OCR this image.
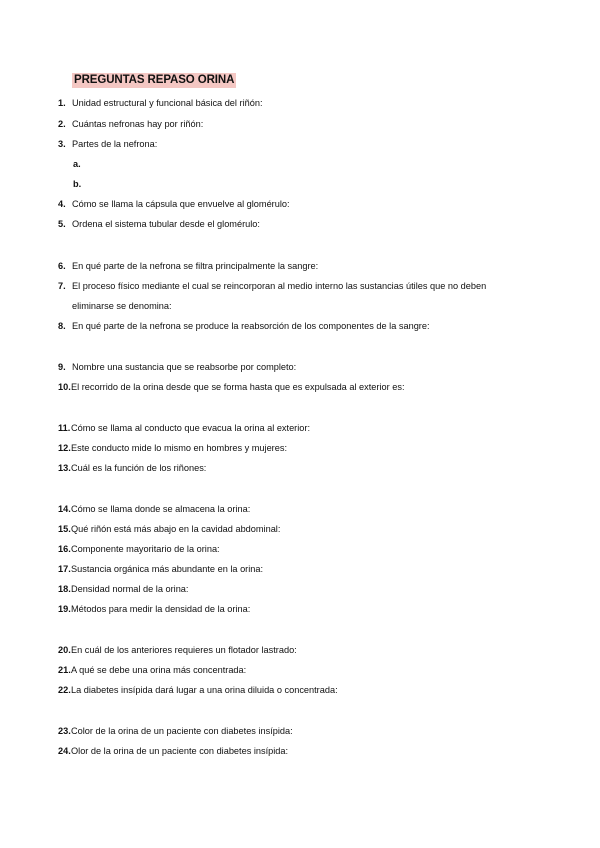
PREGUNTAS REPASO ORINA
1. Unidad estructural y funcional básica del riñón:
2. Cuántas nefronas hay por riñón:
3. Partes de la nefrona:
a.
b.
4. Cómo se llama la cápsula que envuelve al glomérulo:
5. Ordena el sistema tubular desde el glomérulo:
6. En qué parte de la nefrona se filtra principalmente la sangre:
7. El proceso físico mediante el cual se reincorporan al medio interno las sustancias útiles que no deben
eliminarse se denomina:
8. En qué parte de la nefrona se produce la reabsorción de los componentes de la sangre:
9. Nombre una sustancia que se reabsorbe por completo:
10. El recorrido de la orina desde que se forma hasta que es expulsada al exterior es:
11. Cómo se llama al conducto que evacua la orina al exterior:
12. Este conducto mide lo mismo en hombres y mujeres:
13. Cuál es la función de los riñones:
14. Cómo se llama donde se almacena la orina:
15. Qué riñón está más abajo en la cavidad abdominal:
16. Componente mayoritario de la orina:
17. Sustancia orgánica más abundante en la orina:
18. Densidad normal de la orina:
19. Métodos para medir la densidad de la orina:
20. En cuál de los anteriores requieres un flotador lastrado:
21. A qué se debe una orina más concentrada:
22. La diabetes insípida dará lugar a una orina diluida o concentrada:
23. Color de la orina de un paciente con diabetes insípida:
24. Olor de la orina de un paciente con diabetes insípida:
